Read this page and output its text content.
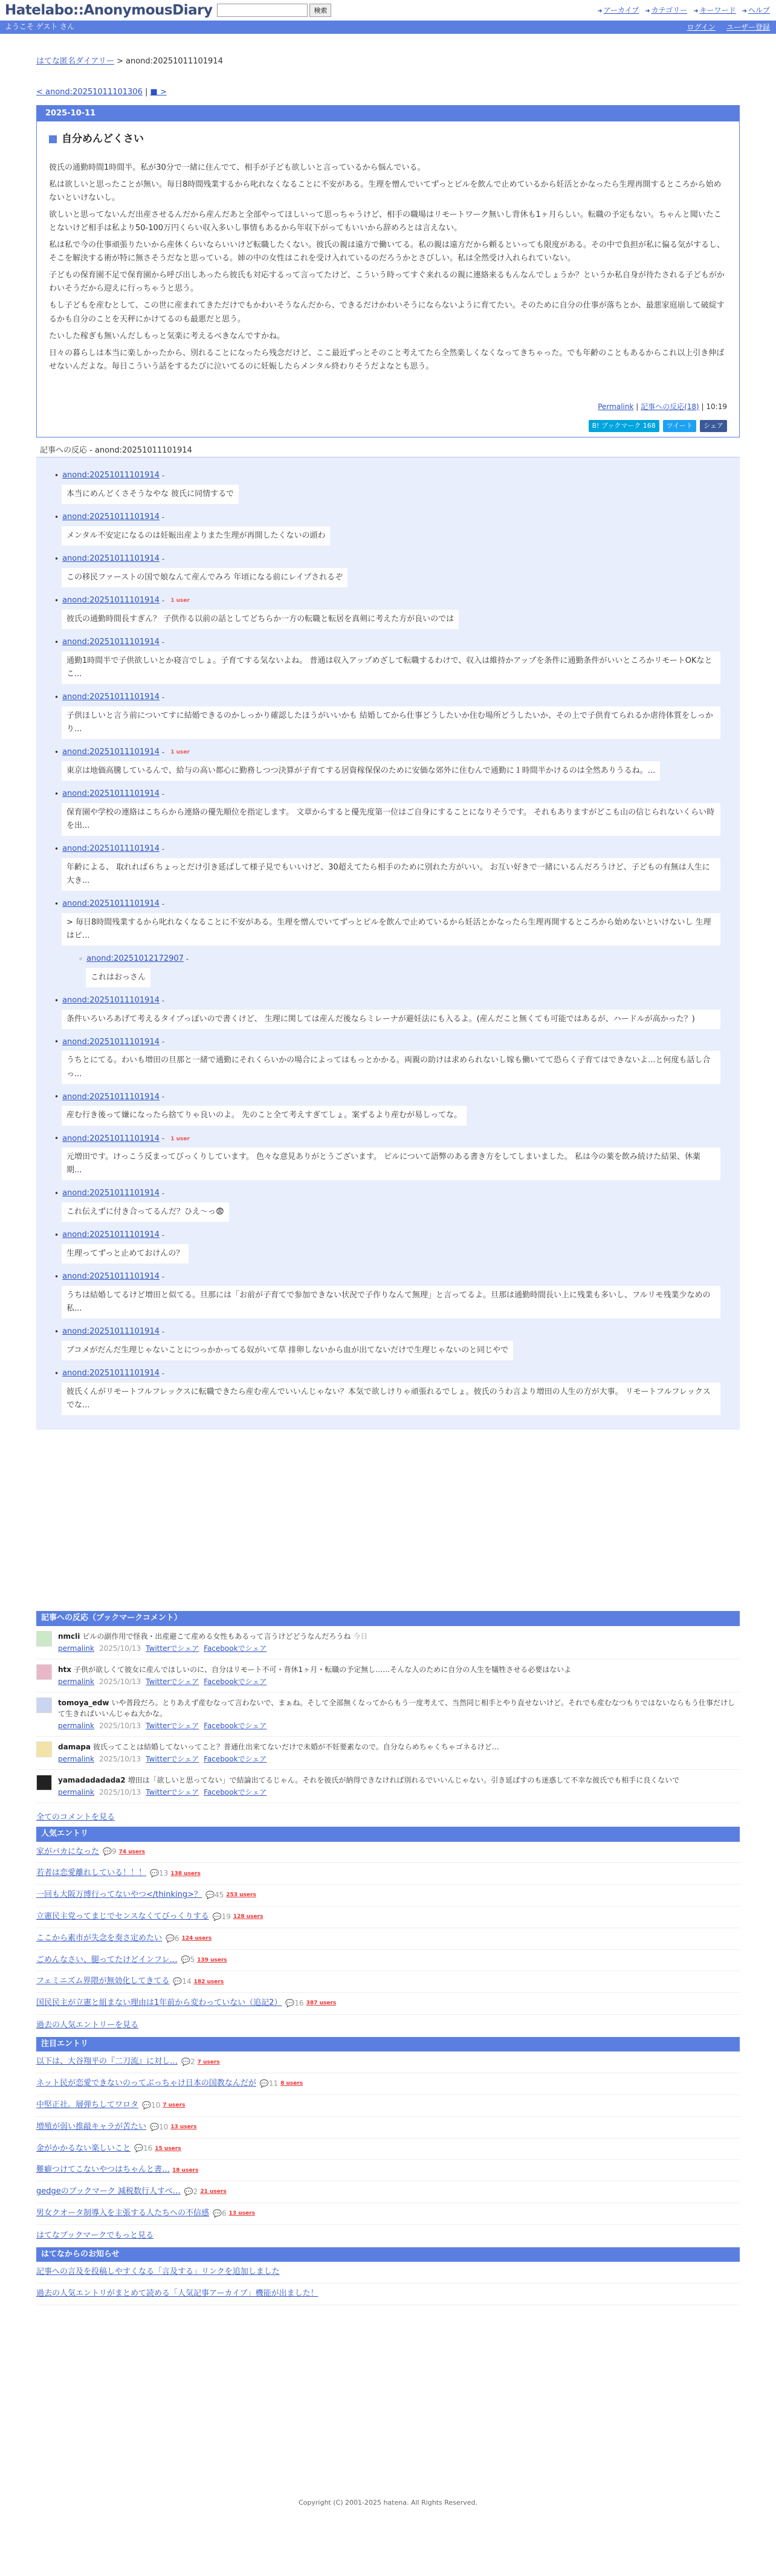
Hatelabo::AnonymousDiary	検索	➜ アーカイブ ➜ カテゴリー ➜ キーワード ➜ ヘルプ
ようこそ ゲスト さん	ログイン ユーザー登録
はてな匿名ダイアリー > anond:20251011101914
< anond:20251011101306 | ■ >
2025-10-11
自分めんどくさい

彼氏の通勤時間1時間半。私が30分で一緒に住んでて、相手が子ども欲しいと言っているから悩んでいる。

私は欲しいと思ったことが無い。毎日8時間残業するから叱れなくなることに不安がある。生理を憎んでいてずっとピルを飲んで止めているから妊活とかなったら生理再開するところから始めないといけないし。

欲しいと思ってないんだ出産させるんだから産んだあと全部やってほしいって思っちゃうけど、相手の職場はリモートワーク無いし背休も1ヶ月らしい。転職の予定もない。ちゃんと聞いたことないけど相手は私より50-100万円くらい収入多いし事情もあるから年収下がってもいいから辞めろとは言えない。

私は私で今の仕事頑張りたいから産休くらいならいいけど転職したくない。彼氏の親は遠方で働いてる。私の親は遠方だから頼るといっても限度がある。その中で負担が私に偏る気がするし、そこを解決する術が特に無さそうだなと思っている。姉の中の女性はこれを受け入れているのだろうかとさびしい。私は全然受け入れられていない。

子どもの保育園不足で保育園から呼び出しあったら彼氏も対応するって言ってたけど、こういう時ってすぐ来れるの親に連絡来るもんなんでしょうか？というか私自身が待たされる子どもがかわいそうだから迎えに行っちゃうと思う。

もし子どもを産むとして、この世に産まれてきただけでもかわいそうなんだから、できるだけかわいそうにならないように育てたい。そのために自分の仕事が落ちとか、最悪家庭崩して破綻するかも自分のことを天秤にかけてるのも最悪だと思う。

たいした稼ぎも無いんだしもっと気楽に考えるべきなんですかね。

日々の暮らしは本当に楽しかったから、別れることになったら残念だけど、ここ最近ずっとそのこと考えてたら全然楽しくなくなってきちゃった。でも年齢のこともあるからこれ以上引き伸ばせないんだよな。毎日こういう話をするたびに泣いてるのに妊娠したらメンタル終わりそうだよなとも思う。

Permalink | 記事への反応(18) | 10:19
B! ブックマーク 168	ツイート	シェア
記事への反応 - anond:20251011101914
• anond:20251011101914 -
本当にめんどくさそうなやな 彼氏に同情するで
• anond:20251011101914 -
メンタル不安定になるのは妊娠出産よりまた生理が再開したくないの頭わ
• anond:20251011101914 -
この移民ファーストの国で娘なんて産んでみろ 年頃になる前にレイプされるぞ
• anond:20251011101914 - 1 user
彼氏の通勤時間長すぎん？ 子供作る以前の話としてどちらか一方の転職と転居を真剣に考えた方が良いのでは
• anond:20251011101914 -
通勤1時間半で子供欲しいとか寝言でしょ。子育てする気ないよね。 普通は収入アップめざして転職するわけで、収入は維持かアップを条件に通勤条件がいいところかリモートOKなとこ...
• anond:20251011101914 -
子供ほしいと言う前についてすに結婚できるのかしっかり確認したほうがいいかも 結婚してから仕事どうしたいか住む場所どうしたいか、その上で子供育てられるか虐待体質をしっかり...
• anond:20251011101914 - 1 user
東京は地価高騰しているんで、給与の高い都心に勤務しつつ決算が子育てする居資稼保保のために安価な郊外に住むんで通勤に１時間半かけるのは全然ありうるね。...
• anond:20251011101914 -
保育園や学校の連絡はこちらから連絡の優先順位を指定します。 文章からすると優先度第一位はご自身にすることになりそうです。 それもありますがどこも山の信じられないくらい時を出...
• anond:20251011101914 -
年齢による、 取れれば６ちょっとだけ引き延ばして様子見でもいいけど、30超えてたら相手のために別れた方がいい。 お互い好きで一緒にいるんだろうけど、子どもの有無は人生に大き...
• anond:20251011101914 -
> 毎日8時間残業するから叱れなくなることに不安がある。生理を憎んでいてずっとピルを飲んで止めているから妊活とかなったら生理再開するところから始めないといけないし 生理はピ...
◦ anond:20251012172907 -
これはおっさん
• anond:20251011101914 -
条件いろいろあげて考えるタイプっぽいので書くけど、 生理に関しては産んだ後ならミレーナが避妊法にも入るよ。(産んだこと無くても可能ではあるが、ハードルが高かった？)
• anond:20251011101914 -
うちとにてる。わいも増田の旦那と一緒で通勤にそれくらいかの場合によってはもっとかかる。両親の助けは求められないし嫁も働いてて恐らく子育てはできないよ...と何度も話し合っ...
• anond:20251011101914 -
産む行き後って嫌になったら捨てりゃ良いのよ。 先のこと全て考えすぎてしょ。案ずるより産むが易しってな。
• anond:20251011101914 - 1 user
元増田です。けっこう反まってびっくりしています。 色々な意見ありがとうございます。 ピルについて語弊のある書き方をしてしまいました。 私は今の薬を飲み続けた結果、休薬期...
• anond:20251011101914 -
これ伝えずに付き合ってるんだ？ひえ〜っ😨
• anond:20251011101914 -
生理ってずっと止めておけんの？
• anond:20251011101914 -
うちは結婚してるけど増田と似てる。旦那には「お前が子育てで参加できない状況で子作りなんて無理」と言ってるよ。旦那は通勤時間長い上に残業も多いし、フルリモ残業少なめの私...
• anond:20251011101914 -
ブコメがだんだ生理じゃないことにつっかかってる奴がいて草 排卵しないから血が出てないだけで生理じゃないのと同じやで
• anond:20251011101914 -
彼氏くんがリモートフルフレックスに転職できたら産む産んでいいんじゃない？本気で欲しけりゃ頑張れるでしょ。彼氏のうわ言より増田の人生の方が大事。 リモートフルフレックスでな...
記事への反応（ブックマークコメント）
nmcli ピルの副作用で怪我・出産避こて産める女性もあるって言うけどどうなんだろうね 今日
permalink 2025/10/13 Twitterでシェア Facebookでシェア
htx 子供が欲しくて彼女に産んでほしいのに、自分はリモート不可・背休1ヶ月・転職の予定無し……そんな人のために自分の人生を犠牲させる必要はないよ
permalink 2025/10/13 Twitterでシェア Facebookでシェア
tomoya_edw いや普段だろ。とりあえず産むなって言わないで、まぁね。そして全部無くなってからもう一度考えて、当然同じ相手とやり直せないけど。それでも産むなつもりではないならもう仕事だけして生きればいいんじゃね大かな。
permalink 2025/10/13 Twitterでシェア Facebookでシェア
damapa 彼氏ってことは結婚してないってこと？普通仕出来てないだけで未婚が不妊要素なので。自分ならめちゃくちゃゴネるけど…
permalink 2025/10/13 Twitterでシェア Facebookでシェア
yamadadadada2 増田は「欲しいと思ってない」で結論出てるじゃん。それを彼氏が納得できなければ別れるでいいんじゃない。引き延ばすのも迷惑して不幸な彼氏でも相手に良くないで
permalink 2025/10/13 Twitterでシェア Facebookでシェア
全てのコメントを見る
人気エントリ
家がバカになった 💬9 74 users
若者は恋愛離れしている！！！ 💬13 138 users
一回も大阪万博行ってないやつ</thinking>？ 💬45 253 users
立憲民主党ってまじでセンスなくてびっくりする 💬19 128 users
ここから素市が失念を奏さ定めたい 💬6 124 users
ごめんなさい、腿ってたけどインフレ… 💬5 139 users
フェミニズム界隈が無効化してきてる 💬14 182 users
国民民主が立憲と組まない理由は1年前から変わっていない（追記2） 💬16 387 users
過去の人気エントリーを見る
注目エントリ
以下は、大谷翔平の『二刀流』に対し… 💬2 7 users
ネット民が恋愛できないのってぶっちゃけ日本の国教なんだが 💬11 8 users
中堅正社。層弾ちしてワロタ 💬10 7 users
増殖が弱い推敲キャラが苦たい 💬10 13 users
金がかかるない楽しいこと 💬16 15 users
難癖つけてこないやつはちゃんと書… 18 users
gedgeのブックマーク 減税数行人すべ… 💬2 21 users
男女クオータ制導入を主張する人たちへの不信感 💬6 13 users
はてなブックマークでもっと見る
はてなからのお知らせ
記事への言及を投稿しやすくなる「言及する」リンクを追加しました
過去の人気エントリがまとめて読める「人気記事アーカイブ」機能が出ました！
Copyright (C) 2001-2025 hatena. All Rights Reserved.
